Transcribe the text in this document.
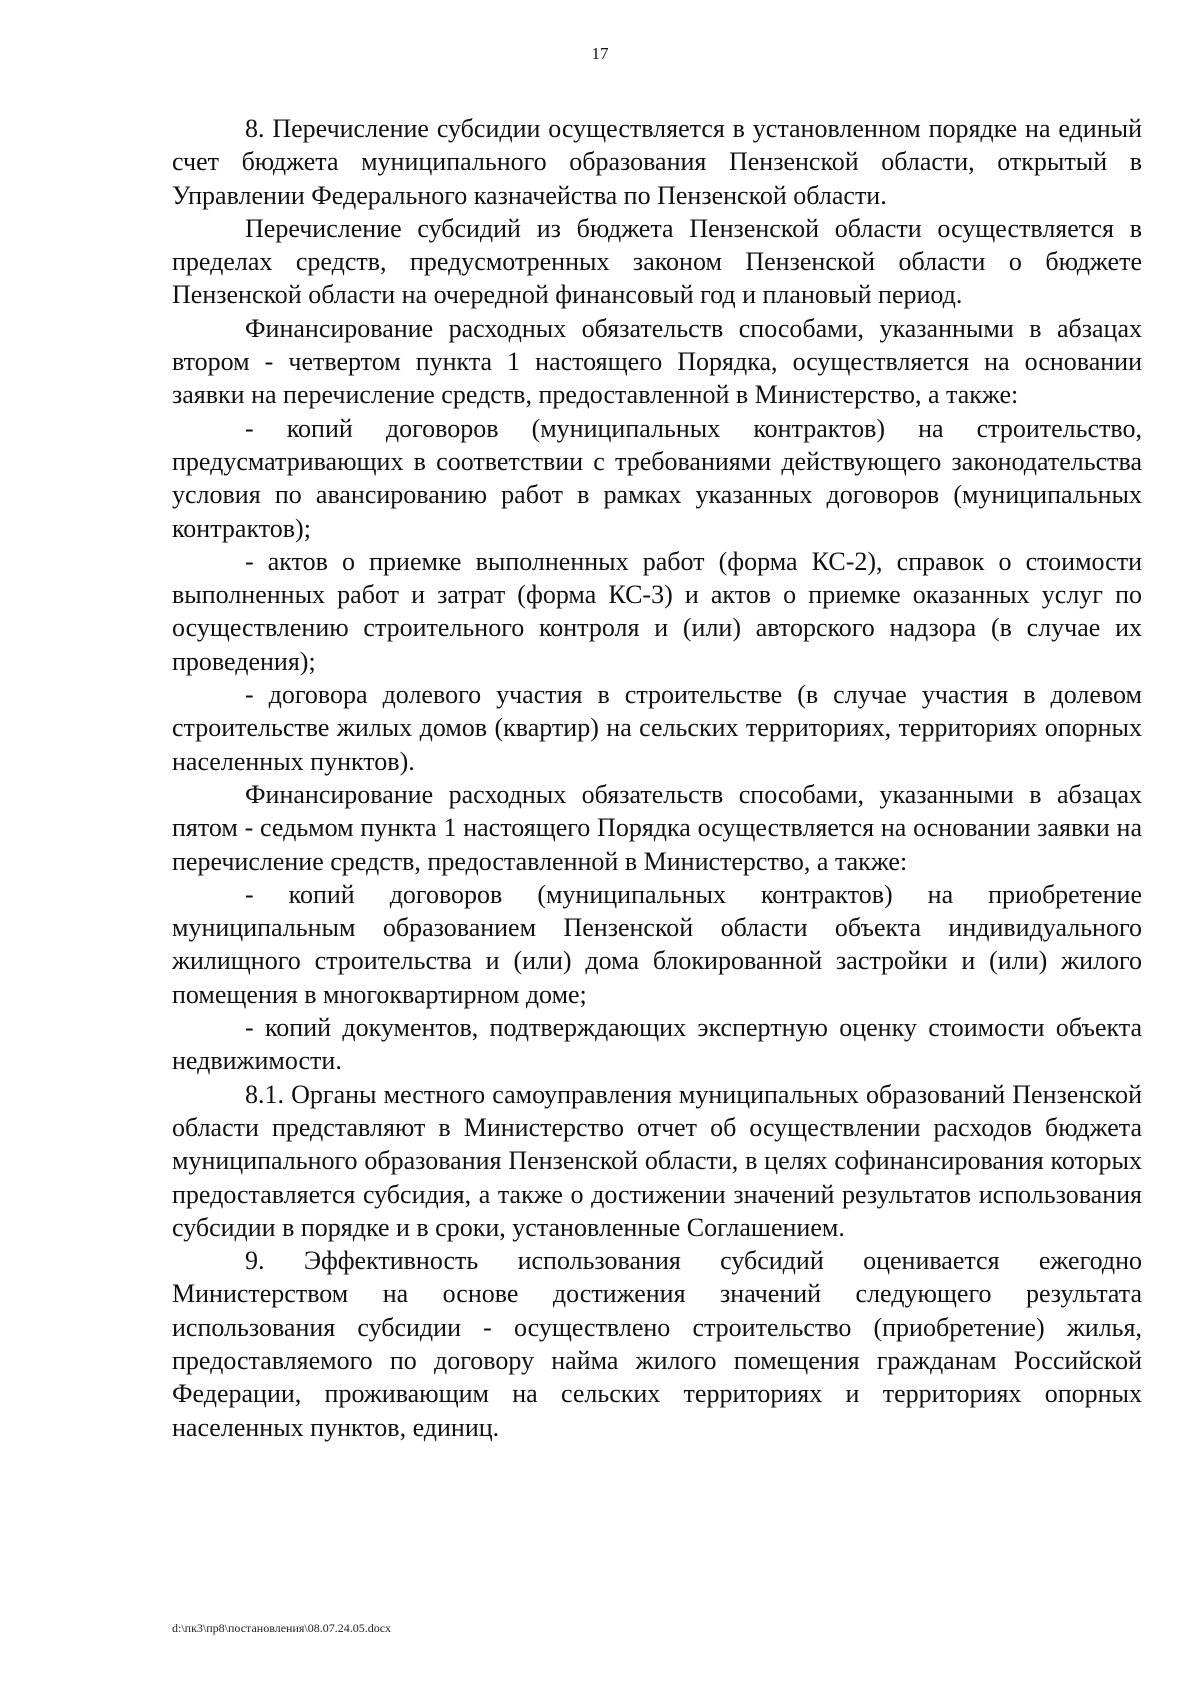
17

8. Перечисление субсидии осуществляется в установленном порядке на единый счет бюджета муниципального образования Пензенской области, открытый в Управлении Федерального казначейства по Пензенской области.

Перечисление субсидий из бюджета Пензенской области осуществляется в пределах средств, предусмотренных законом Пензенской области о бюджете Пензенской области на очередной финансовый год и плановый период.

Финансирование расходных обязательств способами, указанными в абзацах втором - четвертом пункта 1 настоящего Порядка, осуществляется на основании заявки на перечисление средств, предоставленной в Министерство, а также:

- копий договоров (муниципальных контрактов) на строительство, предусматривающих в соответствии с требованиями действующего законодательства условия по авансированию работ в рамках указанных договоров (муниципальных контрактов);

- актов о приемке выполненных работ (форма КС-2), справок о стоимости выполненных работ и затрат (форма КС-3) и актов о приемке оказанных услуг по осуществлению строительного контроля и (или) авторского надзора (в случае их проведения);

- договора долевого участия в строительстве (в случае участия в долевом строительстве жилых домов (квартир) на сельских территориях, территориях опорных населенных пунктов).

Финансирование расходных обязательств способами, указанными в абзацах пятом - седьмом пункта 1 настоящего Порядка осуществляется на основании заявки на перечисление средств, предоставленной в Министерство, а также:

- копий договоров (муниципальных контрактов) на приобретение муниципальным образованием Пензенской области объекта индивидуального жилищного строительства и (или) дома блокированной застройки и (или) жилого помещения в многоквартирном доме;

- копий документов, подтверждающих экспертную оценку стоимости объекта недвижимости.

8.1. Органы местного самоуправления муниципальных образований Пензенской области представляют в Министерство отчет об осуществлении расходов бюджета муниципального образования Пензенской области, в целях софинансирования которых предоставляется субсидия, а также о достижении значений результатов использования субсидии в порядке и в сроки, установленные Соглашением.

9. Эффективность использования субсидий оценивается ежегодно Министерством на основе достижения значений следующего результата использования субсидии - осуществлено строительство (приобретение) жилья, предоставляемого по договору найма жилого помещения гражданам Российской Федерации, проживающим на сельских территориях и территориях опорных населенных пунктов, единиц.

d:\пк3\пр8\постановления\08.07.24.05.docx
